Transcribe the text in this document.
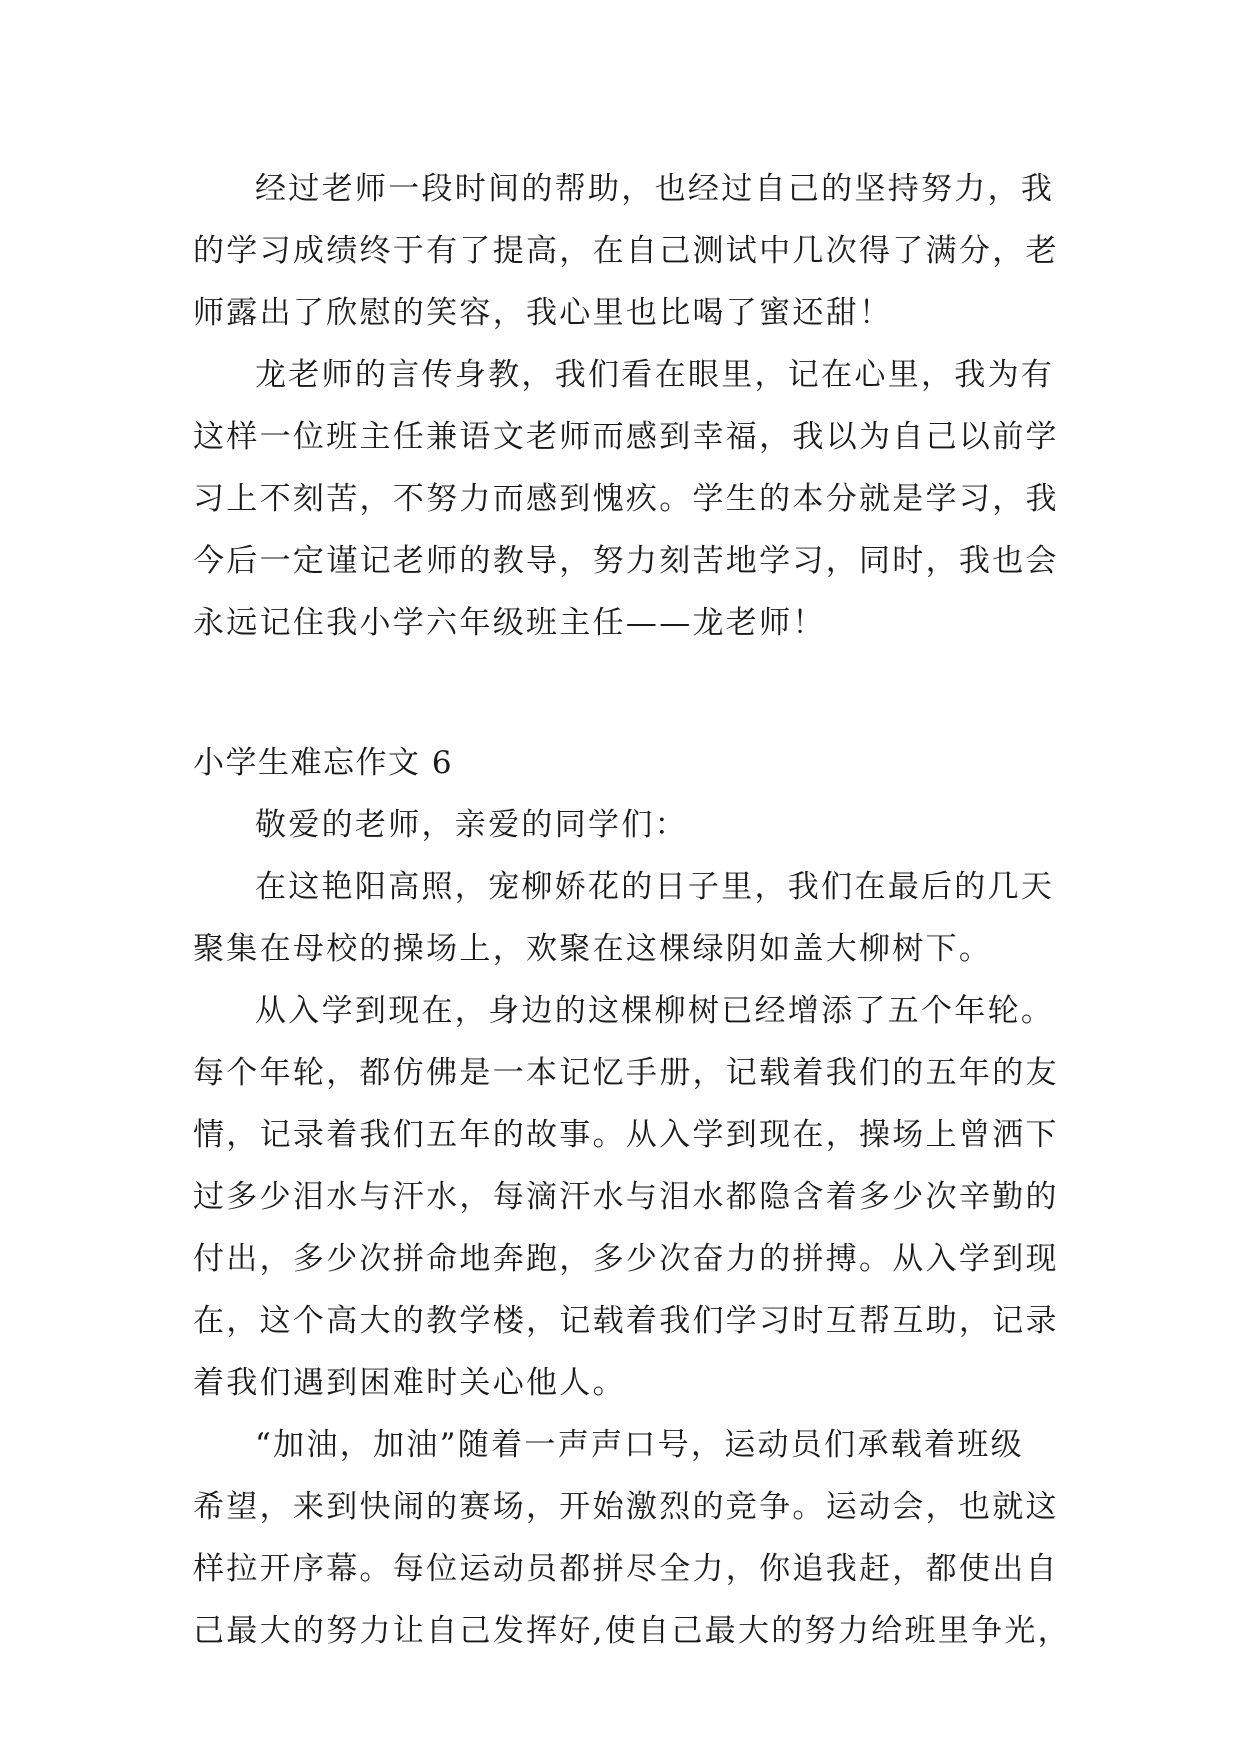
经过老师一段时间的帮助，也经过自己的坚持努力，我
的学习成绩终于有了提高，在自己测试中几次得了满分，老
师露出了欣慰的笑容，我心里也比喝了蜜还甜！
龙老师的言传身教，我们看在眼里，记在心里，我为有
这样一位班主任兼语文老师而感到幸福，我以为自己以前学
习上不刻苦，不努力而感到愧疚。学生的本分就是学习，我
今后一定谨记老师的教导，努力刻苦地学习，同时，我也会
永远记住我小学六年级班主任——龙老师！
小学生难忘作文 6
敬爱的老师，亲爱的同学们：
在这艳阳高照，宠柳娇花的日子里，我们在最后的几天
聚集在母校的操场上，欢聚在这棵绿阴如盖大柳树下。
从入学到现在，身边的这棵柳树已经增添了五个年轮。
每个年轮，都仿佛是一本记忆手册，记载着我们的五年的友
情，记录着我们五年的故事。从入学到现在，操场上曾洒下
过多少泪水与汗水，每滴汗水与泪水都隐含着多少次辛勤的
付出，多少次拼命地奔跑，多少次奋力的拼搏。从入学到现
在，这个高大的教学楼，记载着我们学习时互帮互助，记录
着我们遇到困难时关心他人。
“加油，加油”随着一声声口号，运动员们承载着班级
希望，来到快闹的赛场，开始激烈的竞争。运动会，也就这
样拉开序幕。每位运动员都拼尽全力，你追我赶，都使出自
己最大的努力让自己发挥好,使自己最大的努力给班里争光，
